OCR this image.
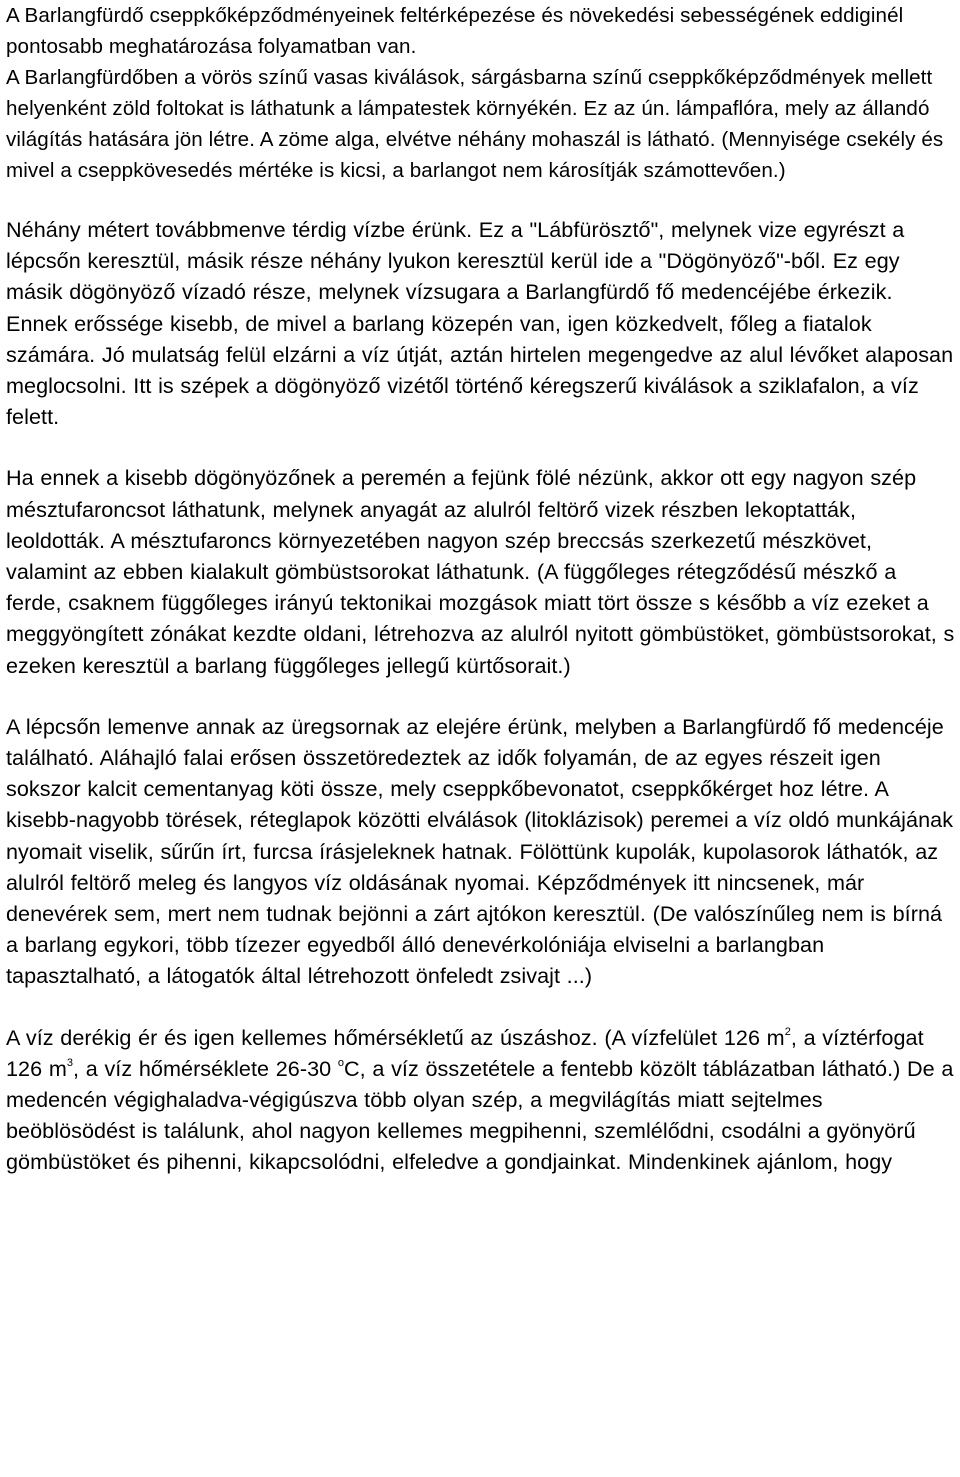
A Barlangfürdő cseppkőképződményeinek feltérképezése és növekedési sebességének eddiginél pontosabb meghatározása folyamatban van.

A Barlangfürdőben a vörös színű vasas kiválások, sárgásbarna színű cseppkőképződmények mellett helyenként zöld foltokat is láthatunk a lámpatestek környékén. Ez az ún. lámpaflóra, mely az állandó világítás hatására jön létre. A zöme alga, elvétve néhány mohaszál is látható. (Mennyisége csekély és mivel a cseppkövesedés mértéke is kicsi, a barlangot nem károsítják számottevően.)

Néhány métert továbbmenve térdig vízbe érünk. Ez a "Lábfürösztő", melynek vize egyrészt a lépcsőn keresztül, másik része néhány lyukon keresztül kerül ide a "Dögönyöző"-ből. Ez egy másik dögönyöző vízadó része, melynek vízsugara a Barlangfürdő fő medencéjébe érkezik. Ennek erőssége kisebb, de mivel a barlang közepén van, igen közkedvelt, főleg a fiatalok számára. Jó mulatság felül elzárni a víz útját, aztán hirtelen megengedve az alul lévőket alaposan meglocsolni. Itt is szépek a dögönyöző vizétől történő kéregszerű kiválások a sziklafalon, a víz felett.

Ha ennek a kisebb dögönyözőnek a peremén a fejünk fölé nézünk, akkor ott egy nagyon szép mésztufaroncsot láthatunk, melynek anyagát az alulról feltörő vizek részben lekoptatták, leoldották. A mésztufaroncs környezetében nagyon szép breccsás szerkezetű mészkövet, valamint az ebben kialakult gömbüstsorokat láthatunk. (A függőleges rétegződésű mészkő a ferde, csaknem függőleges irányú tektonikai mozgások miatt tört össze s később a víz ezeket a meggyöngített zónákat kezdte oldani, létrehozva az alulról nyitott gömbüstöket, gömbüstsorokat, s ezeken keresztül a barlang függőleges jellegű kürtősorait.)

A lépcsőn lemenve annak az üregsornak az elejére érünk, melyben a Barlangfürdő fő medencéje található. Aláhajló falai erősen összetöredeztek az idők folyamán, de az egyes részeit igen sokszor kalcit cementanyag köti össze, mely cseppkőbevonatot, cseppkőkérget hoz létre. A kisebb-nagyobb törések, réteglapok közötti elválások (litoklázisok) peremei a víz oldó munkájának nyomait viselik, sűrűn írt, furcsa írásjeleknek hatnak. Fölöttünk kupolák, kupolasorok láthatók, az alulról feltörő meleg és langyos víz oldásának nyomai. Képződmények itt nincsenek, már denevérek sem, mert nem tudnak bejönni a zárt ajtókon keresztül. (De valószínűleg nem is bírná a barlang egykori, több tízezer egyedből álló denevérkolóniája elviselni a barlangban tapasztalható, a látogatók által létrehozott önfeledt zsivajt ...)

A víz derékig ér és igen kellemes hőmérsékletű az úszáshoz. (A vízfelület 126 $m^2$, a víztérfogat 126 $m^3$, a víz hőmérséklete 26-30 $^o$C, a víz összetétele a fentebb közölt táblázatban látható.) De a medencén végighaladva-végigúszva több olyan szép, a megvilágítás miatt sejtelmes beöblösödést is találunk, ahol nagyon kellemes megpihenni, szemlélődni, csodálni a gyönyörű gömbüstöket és pihenni, kikapcsolódni, elfeledve a gondjainkat. Mindenkinek ajánlom, hogy
